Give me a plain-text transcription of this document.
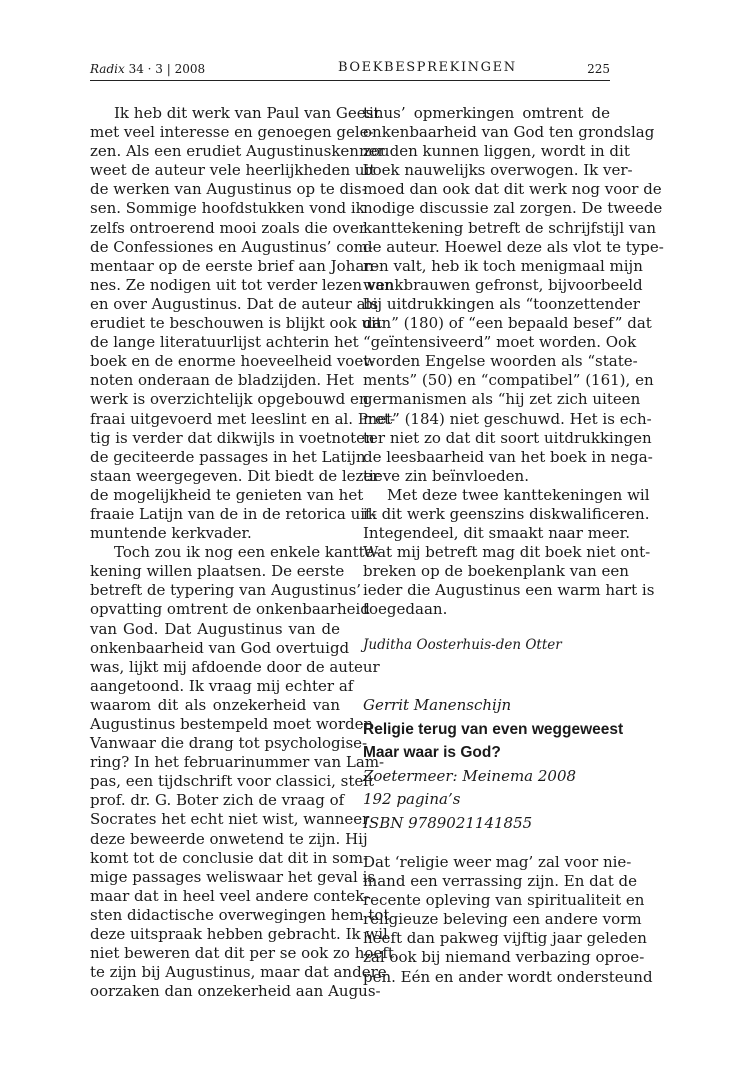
Radix 34 · 3 | 2008	BOEKBESPREKINGEN	225
Ik heb dit werk van Paul van Geest
met veel interesse en genoegen gele-
zen. Als een erudiet Augustinuskenner
weet de auteur vele heerlijkheden uit
de werken van Augustinus op te dis-
sen. Sommige hoofdstukken vond ik
zelfs ontroerend mooi zoals die over
de Confessiones en Augustinus’ com-
mentaar op de eerste brief aan Johan-
nes. Ze nodigen uit tot verder lezen van
en over Augustinus. Dat de auteur als
erudiet te beschouwen is blijkt ook uit
de lange literatuurlijst achterin het
boek en de enorme hoeveelheid voet-
noten onderaan de bladzijden. Het
werk is overzichtelijk opgebouwd en
fraai uitgevoerd met leeslint en al. Pret-
tig is verder dat dikwijls in voetnoten
de geciteerde passages in het Latijn
staan weergegeven. Dit biedt de lezer
de mogelijkheid te genieten van het
fraaie Latijn van de in de retorica uit-
muntende kerkvader.
Toch zou ik nog een enkele kantte-
kening willen plaatsen. De eerste
betreft de typering van Augustinus’
opvatting omtrent de onkenbaarheid
van God. Dat Augustinus van de
onkenbaarheid van God overtuigd
was, lijkt mij afdoende door de auteur
aangetoond. Ik vraag mij echter af
waarom dit als onzekerheid van
Augustinus bestempeld moet worden.
Vanwaar die drang tot psychologise-
ring? In het februarinummer van Lam-
pas, een tijdschrift voor classici, stelt
prof. dr. G. Boter zich de vraag of
Socrates het echt niet wist, wanneer
deze beweerde onwetend te zijn. Hij
komt tot de conclusie dat dit in som-
mige passages weliswaar het geval is
maar dat in heel veel andere contek-
sten didactische overwegingen hem tot
deze uitspraak hebben gebracht. Ik wil
niet beweren dat dit per se ook zo hoeft
te zijn bij Augustinus, maar dat andere
oorzaken dan onzekerheid aan Augus-
tinus’ opmerkingen omtrent de
onkenbaarheid van God ten grondslag
zouden kunnen liggen, wordt in dit
boek nauwelijks overwogen. Ik ver-
moed dan ook dat dit werk nog voor de
nodige discussie zal zorgen. De tweede
kanttekening betreft de schrijfstijl van
de auteur. Hoewel deze als vlot te type-
ren valt, heb ik toch menigmaal mijn
wenkbrauwen gefronst, bijvoorbeeld
bij uitdrukkingen als “toonzettender
dan” (180) of “een bepaald besef” dat
“geïntensiveerd” moet worden. Ook
worden Engelse woorden als “state-
ments” (50) en “compatibel” (161), en
germanismen als “hij zet zich uiteen
met” (184) niet geschuwd. Het is ech-
ter niet zo dat dit soort uitdrukkingen
de leesbaarheid van het boek in nega-
tieve zin beïnvloeden.
Met deze twee kanttekeningen wil
ik dit werk geenszins diskwalificeren.
Integendeel, dit smaakt naar meer.
Wat mij betreft mag dit boek niet ont-
breken op de boekenplank van een
ieder die Augustinus een warm hart is
toegedaan.
Juditha Oosterhuis-den Otter
Gerrit Manenschijn
Religie terug van even weggeweest
Maar waar is God?
Zoetermeer: Meinema 2008
192 pagina’s
ISBN 9789021141855
Dat ‘religie weer mag’ zal voor nie-
mand een verrassing zijn. En dat de
recente opleving van spiritualiteit en
religieuze beleving een andere vorm
heeft dan pakweg vijftig jaar geleden
zal ook bij niemand verbazing oproe-
pen. Eén en ander wordt ondersteund
